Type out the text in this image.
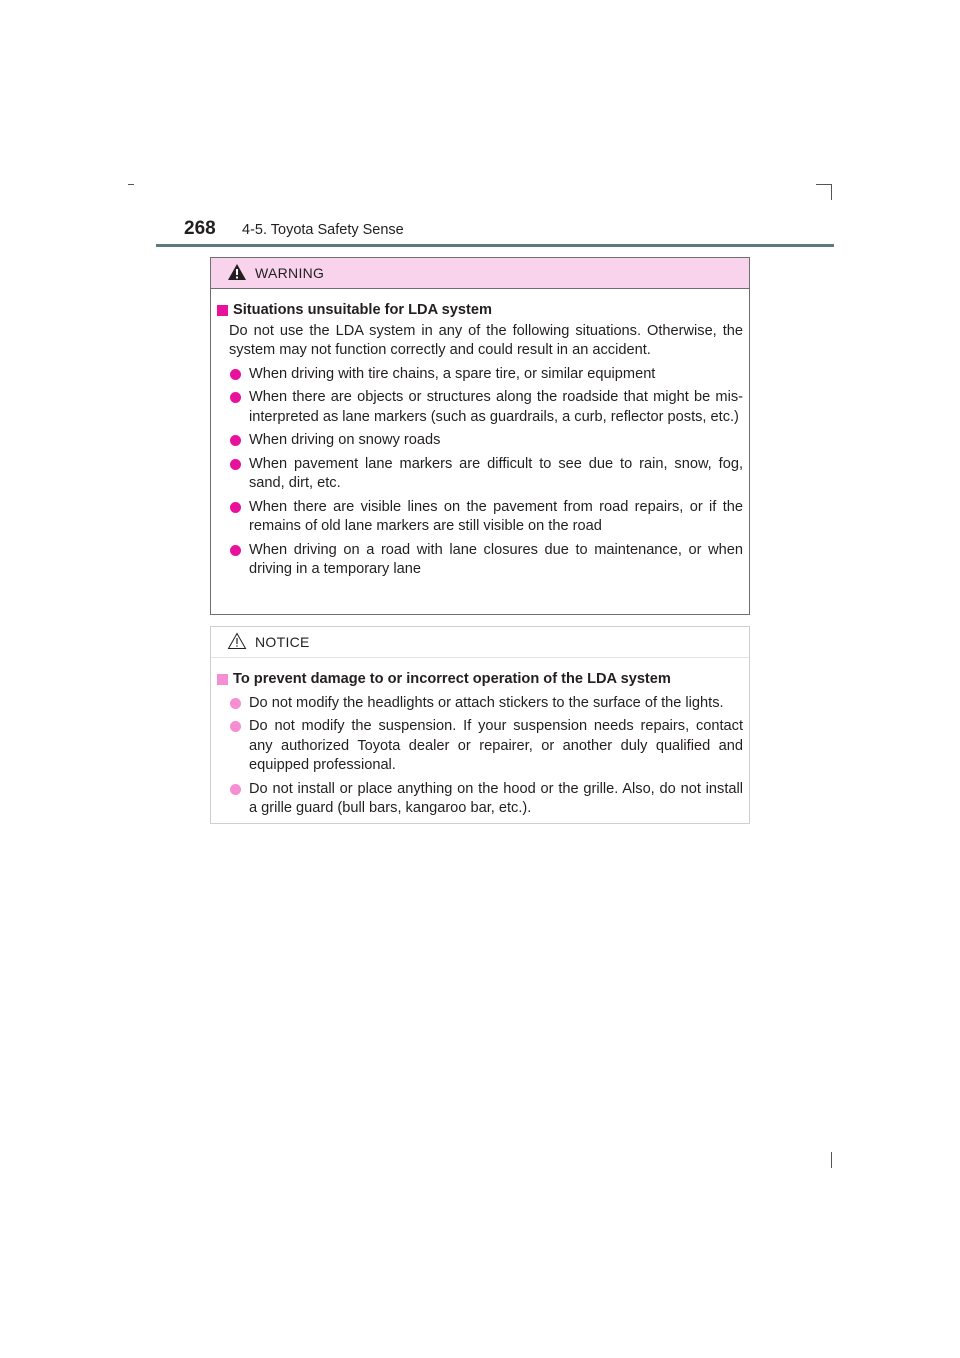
268 4-5. Toyota Safety Sense
WARNING
Situations unsuitable for LDA system
Do not use the LDA system in any of the following situations. Otherwise, the system may not function correctly and could result in an accident.
When driving with tire chains, a spare tire, or similar equipment
When there are objects or structures along the roadside that might be mis-interpreted as lane markers (such as guardrails, a curb, reflector posts, etc.)
When driving on snowy roads
When pavement lane markers are difficult to see due to rain, snow, fog, sand, dirt, etc.
When there are visible lines on the pavement from road repairs, or if the remains of old lane markers are still visible on the road
When driving on a road with lane closures due to maintenance, or when driving in a temporary lane
NOTICE
To prevent damage to or incorrect operation of the LDA system
Do not modify the headlights or attach stickers to the surface of the lights.
Do not modify the suspension. If your suspension needs repairs, contact any authorized Toyota dealer or repairer, or another duly qualified and equipped professional.
Do not install or place anything on the hood or the grille. Also, do not install a grille guard (bull bars, kangaroo bar, etc.).
